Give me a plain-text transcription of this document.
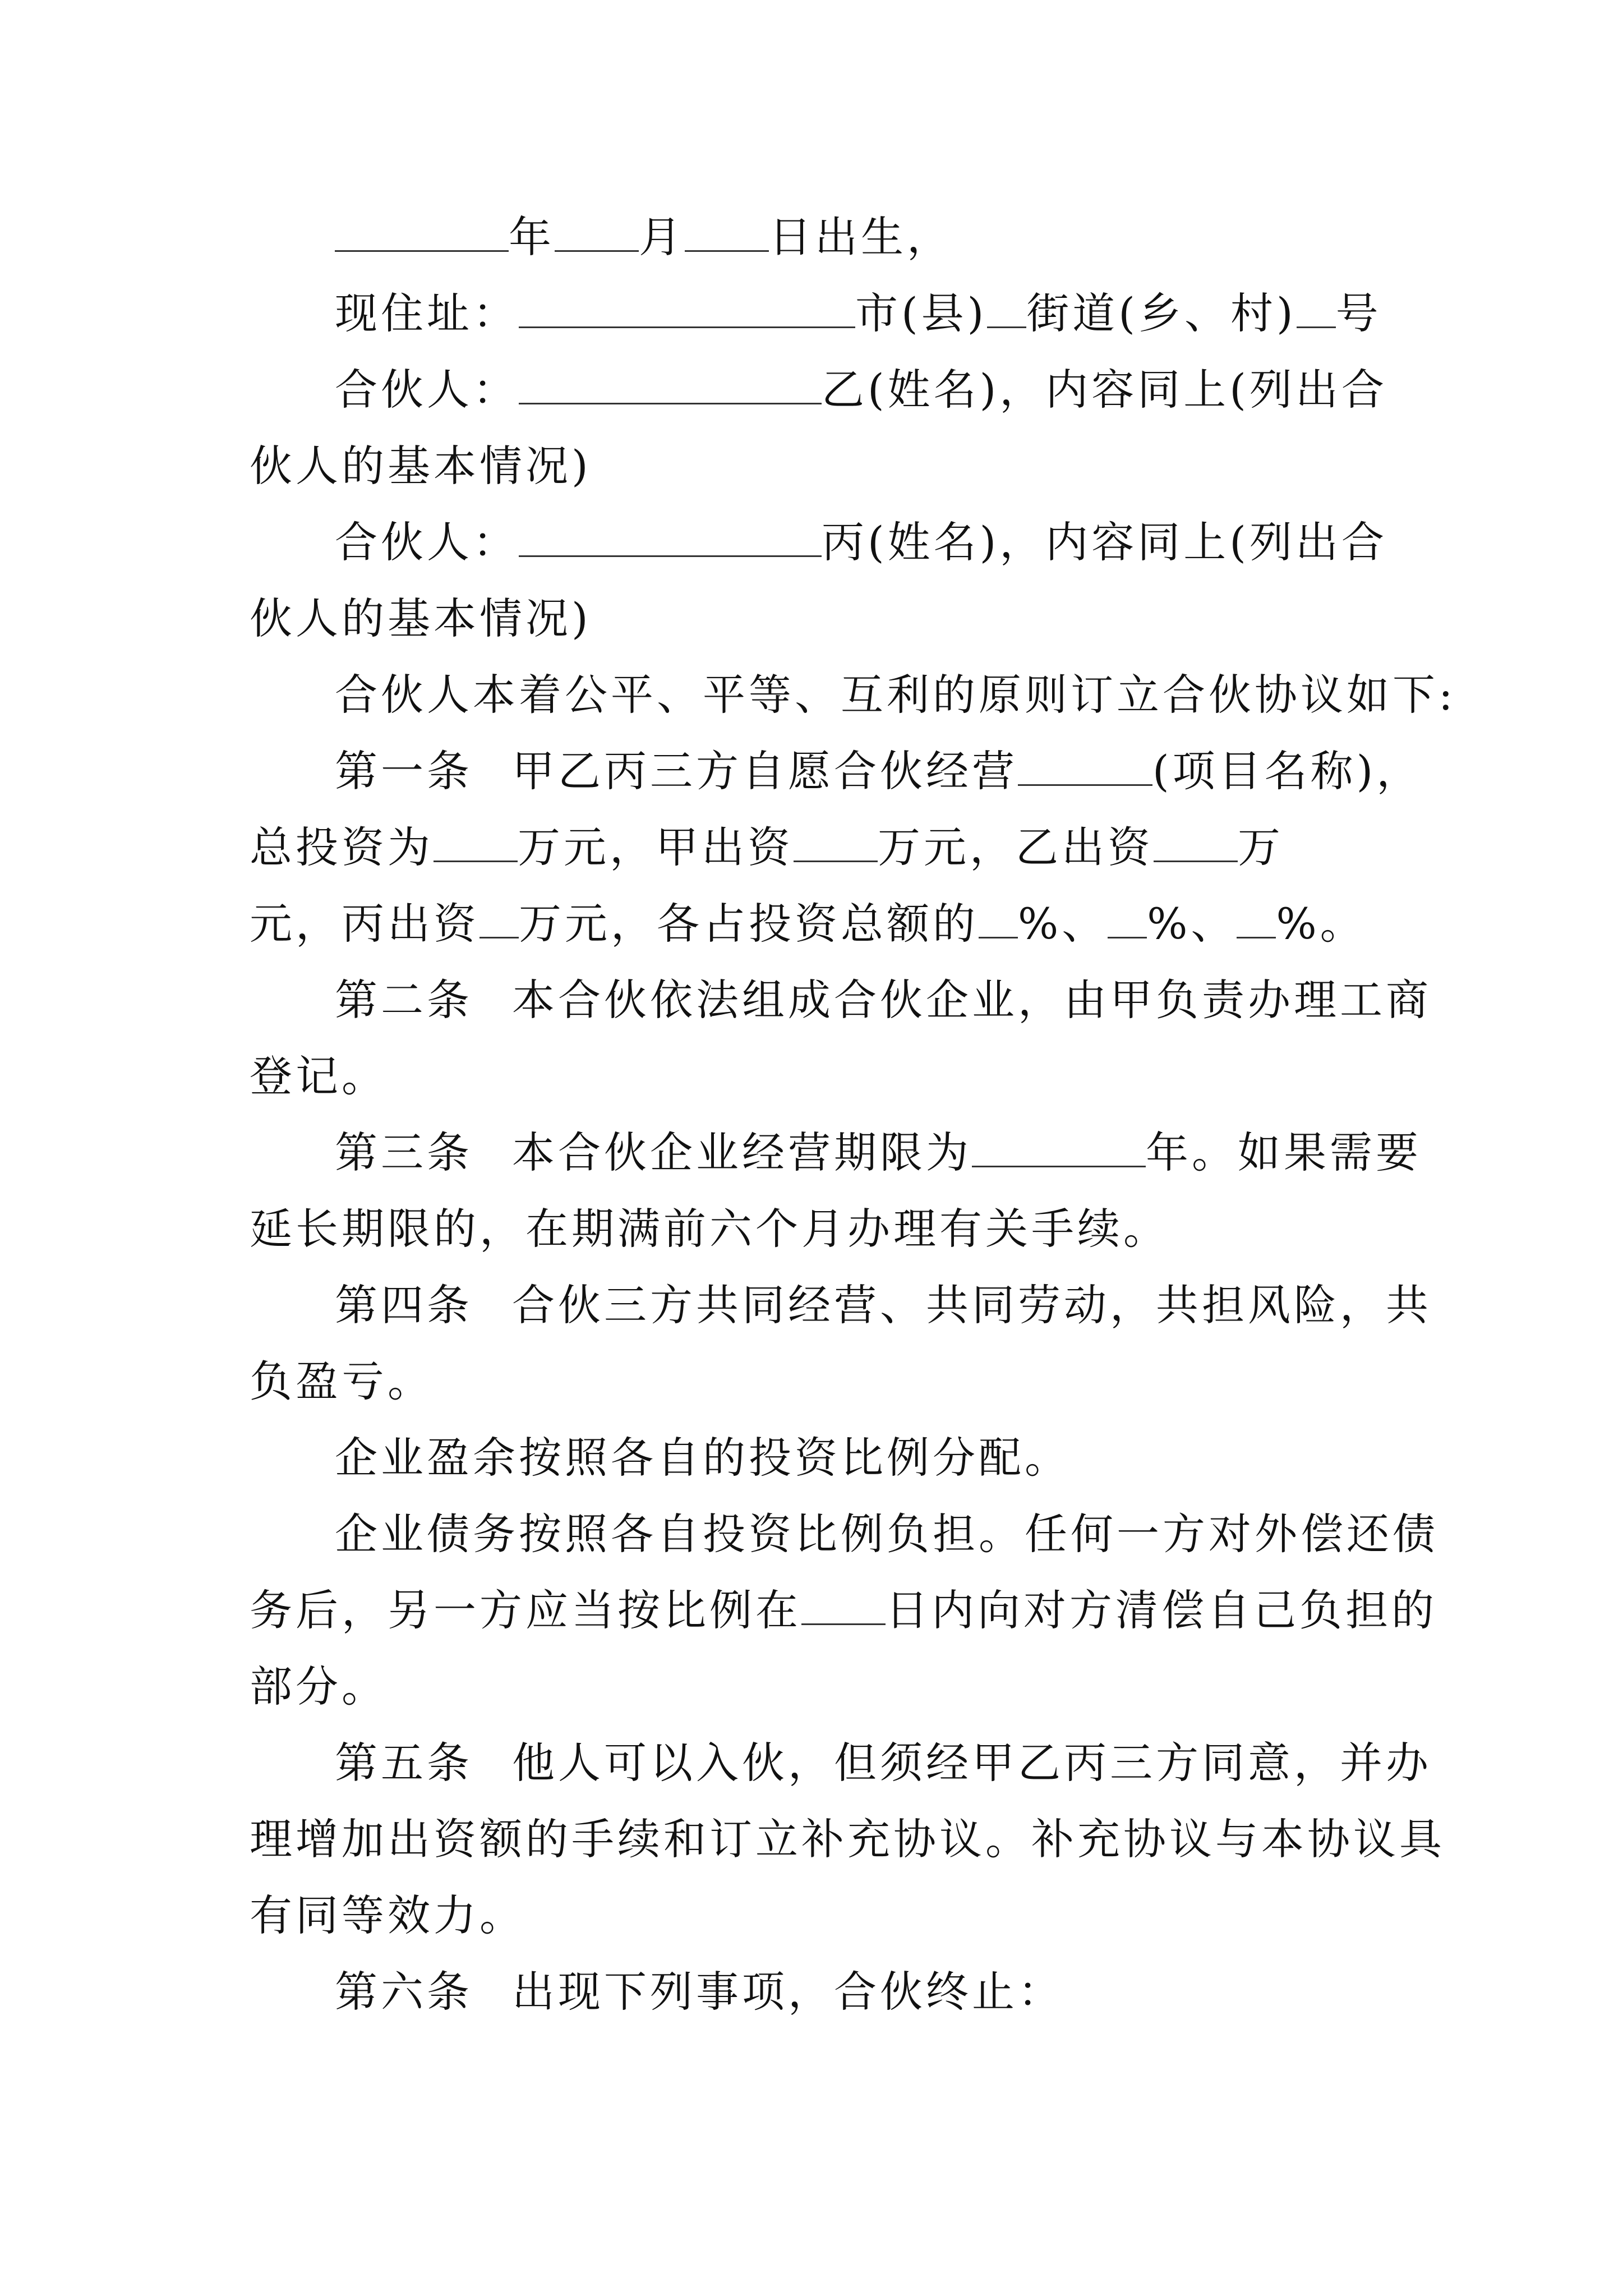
年 月 日出生，

现住址：	市(县) 街道(乡、村) 号

合伙人：	乙(姓名)，内容同上(列出合

伙人的基本情况)

合伙人：	丙(姓名)，内容同上(列出合

伙人的基本情况)

合伙人本着公平、平等、互利的原则订立合伙协议如下:

第一条 甲乙丙三方自愿合伙经营	(项目名称)，

总投资为 万元，甲出资 万元，乙出资 万

元，丙出资 万元，各占投资总额的 %、 %、 %。

第二条 本合伙依法组成合伙企业，由甲负责办理工商

登记。

第三条 本合伙企业经营期限为	年。如果需要

延长期限的，在期满前六个月办理有关手续。

第四条 合伙三方共同经营、共同劳动，共担风险，共

负盈亏。

企业盈余按照各自的投资比例分配。

企业债务按照各自投资比例负担。任何一方对外偿还债

务后，另一方应当按比例在 日内向对方清偿自己负担的

部分。

第五条 他人可以入伙，但须经甲乙丙三方同意，并办

理增加出资额的手续和订立补充协议。补充协议与本协议具

有同等效力。

第六条 出现下列事项，合伙终止：
